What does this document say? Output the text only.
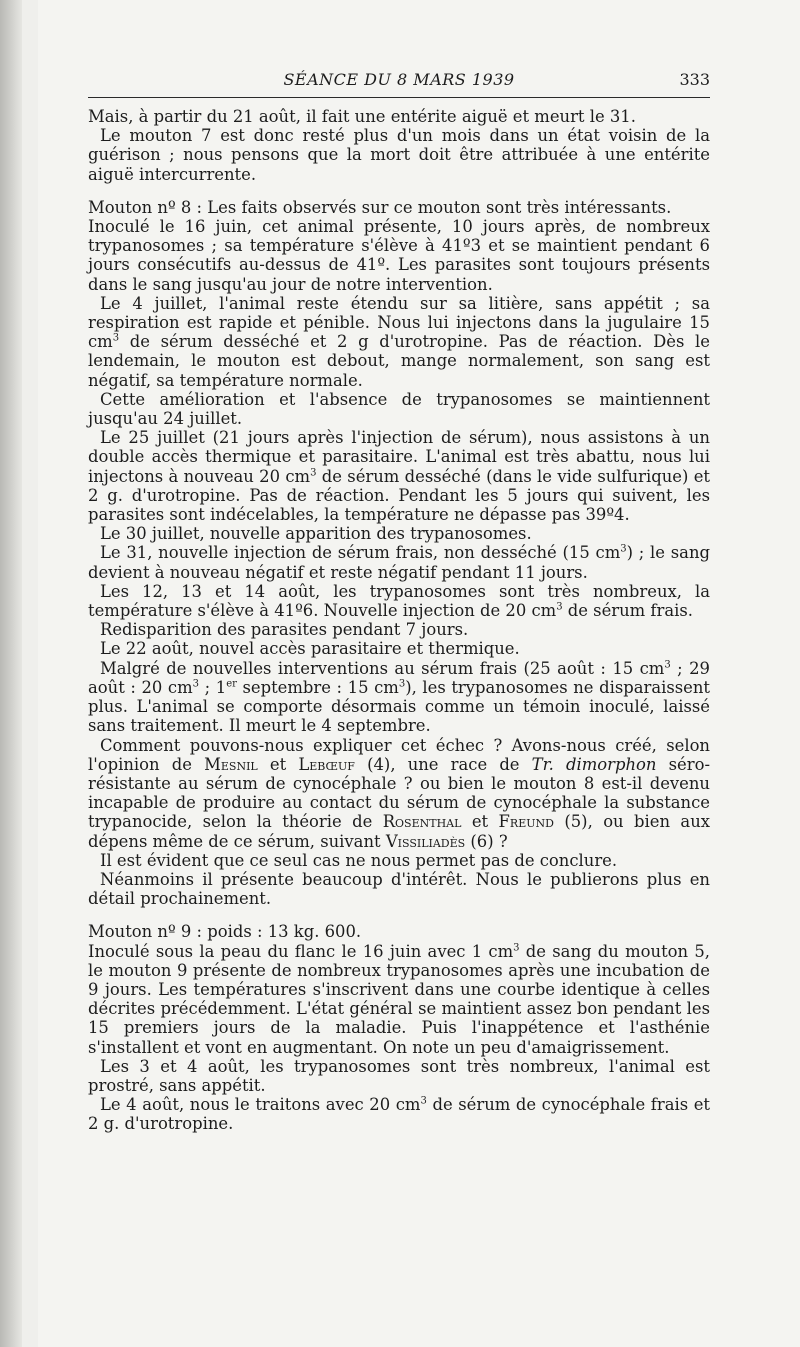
SÉANCE DU 8 MARS 1939	333

Mais, à partir du 21 août, il fait une entérite aiguë et meurt le 31.

Le mouton 7 est donc resté plus d'un mois dans un état voisin de la guérison ; nous pensons que la mort doit être attribuée à une entérite aiguë intercurrente.

Mouton nº 8 : Les faits observés sur ce mouton sont très intéressants.

Inoculé le 16 juin, cet animal présente, 10 jours après, de nombreux trypanosomes ; sa température s'élève à 41º3 et se maintient pendant 6 jours consécutifs au-dessus de 41º. Les parasites sont toujours présents dans le sang jusqu'au jour de notre intervention.

Le 4 juillet, l'animal reste étendu sur sa litière, sans appétit ; sa respiration est rapide et pénible. Nous lui injectons dans la jugulaire 15 $cm^3$ de sérum desséché et 2 g d'urotropine. Pas de réaction. Dès le lendemain, le mouton est debout, mange normalement, son sang est négatif, sa température normale.

Cette amélioration et l'absence de trypanosomes se maintiennent jusqu'au 24 juillet.

Le 25 juillet (21 jours après l'injection de sérum), nous assistons à un double accès thermique et parasitaire. L'animal est très abattu, nous lui injectons à nouveau 20 $cm^3$ de sérum desséché (dans le vide sulfurique) et 2 g. d'urotropine. Pas de réaction. Pendant les 5 jours qui suivent, les parasites sont indécelables, la température ne dépasse pas 39º4.

Le 30 juillet, nouvelle apparition des trypanosomes.

Le 31, nouvelle injection de sérum frais, non desséché (15 $cm^3$) ; le sang devient à nouveau négatif et reste négatif pendant 11 jours.

Les 12, 13 et 14 août, les trypanosomes sont très nombreux, la température s'élève à 41º6. Nouvelle injection de 20 $cm^3$ de sérum frais.

Redisparition des parasites pendant 7 jours.

Le 22 août, nouvel accès parasitaire et thermique.

Malgré de nouvelles interventions au sérum frais (25 août : 15 $cm^3$ ; 29 août : 20 $cm^3$ ; 1er septembre : 15 $cm^3$), les trypanosomes ne disparaissent plus. L'animal se comporte désormais comme un témoin inoculé, laissé sans traitement. Il meurt le 4 septembre.

Comment pouvons-nous expliquer cet échec ? Avons-nous créé, selon l'opinion de Mesnil et Lebœuf (4), une race de Tr. dimorphon séro-résistante au sérum de cynocéphale ? ou bien le mouton 8 est-il devenu incapable de produire au contact du sérum de cynocéphale la substance trypanocide, selon la théorie de Rosenthal et Freund (5), ou bien aux dépens même de ce sérum, suivant Vissiliadès (6) ?

Il est évident que ce seul cas ne nous permet pas de conclure.

Néanmoins il présente beaucoup d'intérêt. Nous le publierons plus en détail prochainement.

Mouton nº 9 : poids : 13 kg. 600.

Inoculé sous la peau du flanc le 16 juin avec 1 $cm^3$ de sang du mouton 5, le mouton 9 présente de nombreux trypanosomes après une incubation de 9 jours. Les températures s'inscrivent dans une courbe identique à celles décrites précédemment. L'état général se maintient assez bon pendant les 15 premiers jours de la maladie. Puis l'inappétence et l'asthénie s'installent et vont en augmentant. On note un peu d'amaigrissement.

Les 3 et 4 août, les trypanosomes sont très nombreux, l'animal est prostré, sans appétit.

Le 4 août, nous le traitons avec 20 $cm^3$ de sérum de cynocéphale frais et 2 g. d'urotropine.
